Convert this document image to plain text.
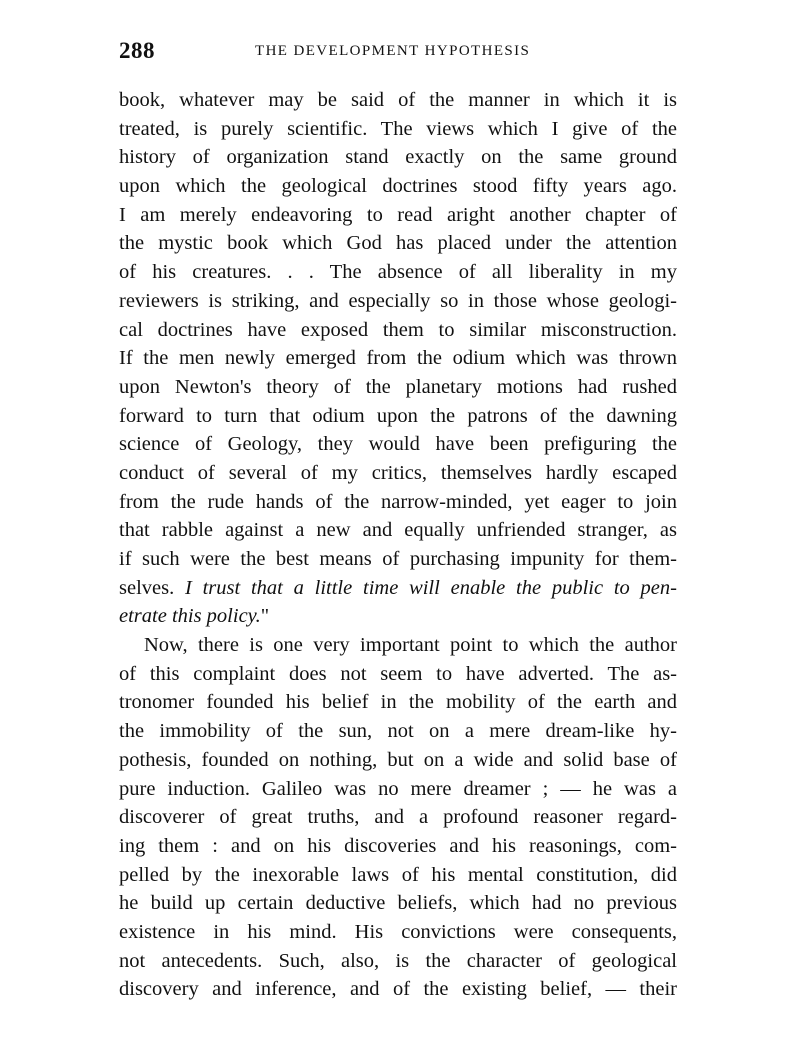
288	THE DEVELOPMENT HYPOTHESIS
book, whatever may be said of the manner in which it is
treated, is purely scientific. The views which I give of the
history of organization stand exactly on the same ground
upon which the geological doctrines stood fifty years ago.
I am merely endeavoring to read aright another chapter of
the mystic book which God has placed under the attention
of his creatures. . . The absence of all liberality in my
reviewers is striking, and especially so in those whose geologi-
cal doctrines have exposed them to similar misconstruction.
If the men newly emerged from the odium which was thrown
upon Newton's theory of the planetary motions had rushed
forward to turn that odium upon the patrons of the dawning
science of Geology, they would have been prefiguring the
conduct of several of my critics, themselves hardly escaped
from the rude hands of the narrow-minded, yet eager to join
that rabble against a new and equally unfriended stranger, as
if such were the best means of purchasing impunity for them-
selves. I trust that a little time will enable the public to pen-
etrate this policy."
Now, there is one very important point to which the author
of this complaint does not seem to have adverted. The as-
tronomer founded his belief in the mobility of the earth and
the immobility of the sun, not on a mere dream-like hy-
pothesis, founded on nothing, but on a wide and solid base of
pure induction. Galileo was no mere dreamer ; — he was a
discoverer of great truths, and a profound reasoner regard-
ing them : and on his discoveries and his reasonings, com-
pelled by the inexorable laws of his mental constitution, did
he build up certain deductive beliefs, which had no previous
existence in his mind. His convictions were consequents,
not antecedents. Such, also, is the character of geological
discovery and inference, and of the existing belief, — their
